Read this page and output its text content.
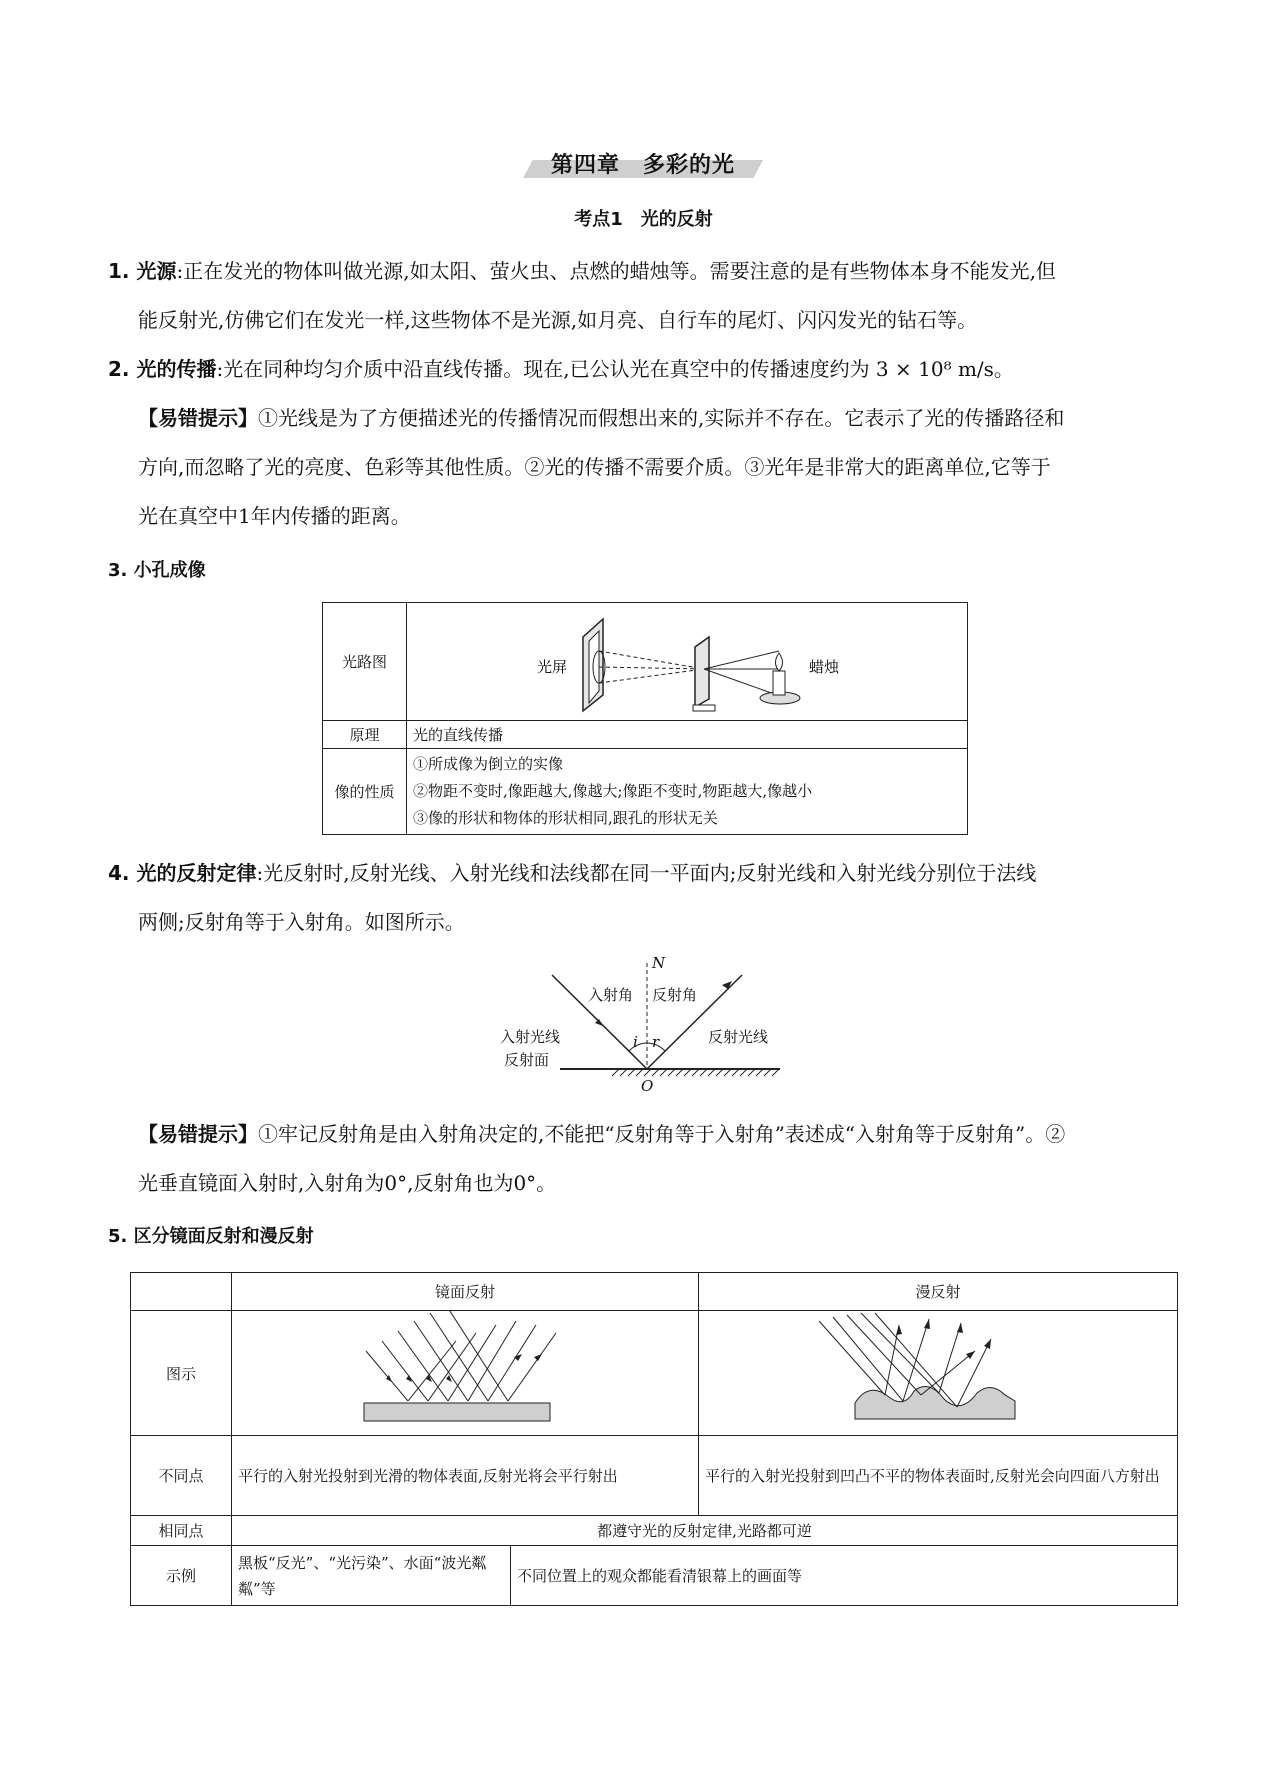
第四章　多彩的光
考点1　光的反射
1. 光源:正在发光的物体叫做光源,如太阳、萤火虫、点燃的蜡烛等。需要注意的是有些物体本身不能发光,但
能反射光,仿佛它们在发光一样,这些物体不是光源,如月亮、自行车的尾灯、闪闪发光的钻石等。
2. 光的传播:光在同种均匀介质中沿直线传播。现在,已公认光在真空中的传播速度约为 3 × 10⁸ m/s。
【易错提示】①光线是为了方便描述光的传播情况而假想出来的,实际并不存在。它表示了光的传播路径和
方向,而忽略了光的亮度、色彩等其他性质。②光的传播不需要介质。③光年是非常大的距离单位,它等于
光在真空中1年内传播的距离。
3. 小孔成像
光路图	光屏 蜡烛

原理	光的直线传播
像的性质	①所成像为倒立的实像
②物距不变时,像距越大,像越大;像距不变时,物距越大,像越小
③像的形状和物体的形状相同,跟孔的形状无关
4. 光的反射定律:光反射时,反射光线、入射光线和法线都在同一平面内;反射光线和入射光线分别位于法线
两侧;反射角等于入射角。如图所示。
N
入射角 反射角
入射光线	反射光线
反射面
i r
O
【易错提示】①牢记反射角是由入射角决定的,不能把“反射角等于入射角”表述成“入射角等于反射角”。②
光垂直镜面入射时,入射角为0°,反射角也为0°。
5. 区分镜面反射和漫反射
	镜面反射		漫反射
图示		
不同点	平行的入射光投射到光滑的物体表面,反射光将会平行射出		平行的入射光投射到凹凸不平的物体表面时,反射光会向四面八方射出
相同点	都遵守光的反射定律,光路都可逆		
示例	黑板“反光”、“光污染”、水面“波光粼粼”等	不同位置上的观众都能看清银幕上的画面等	
